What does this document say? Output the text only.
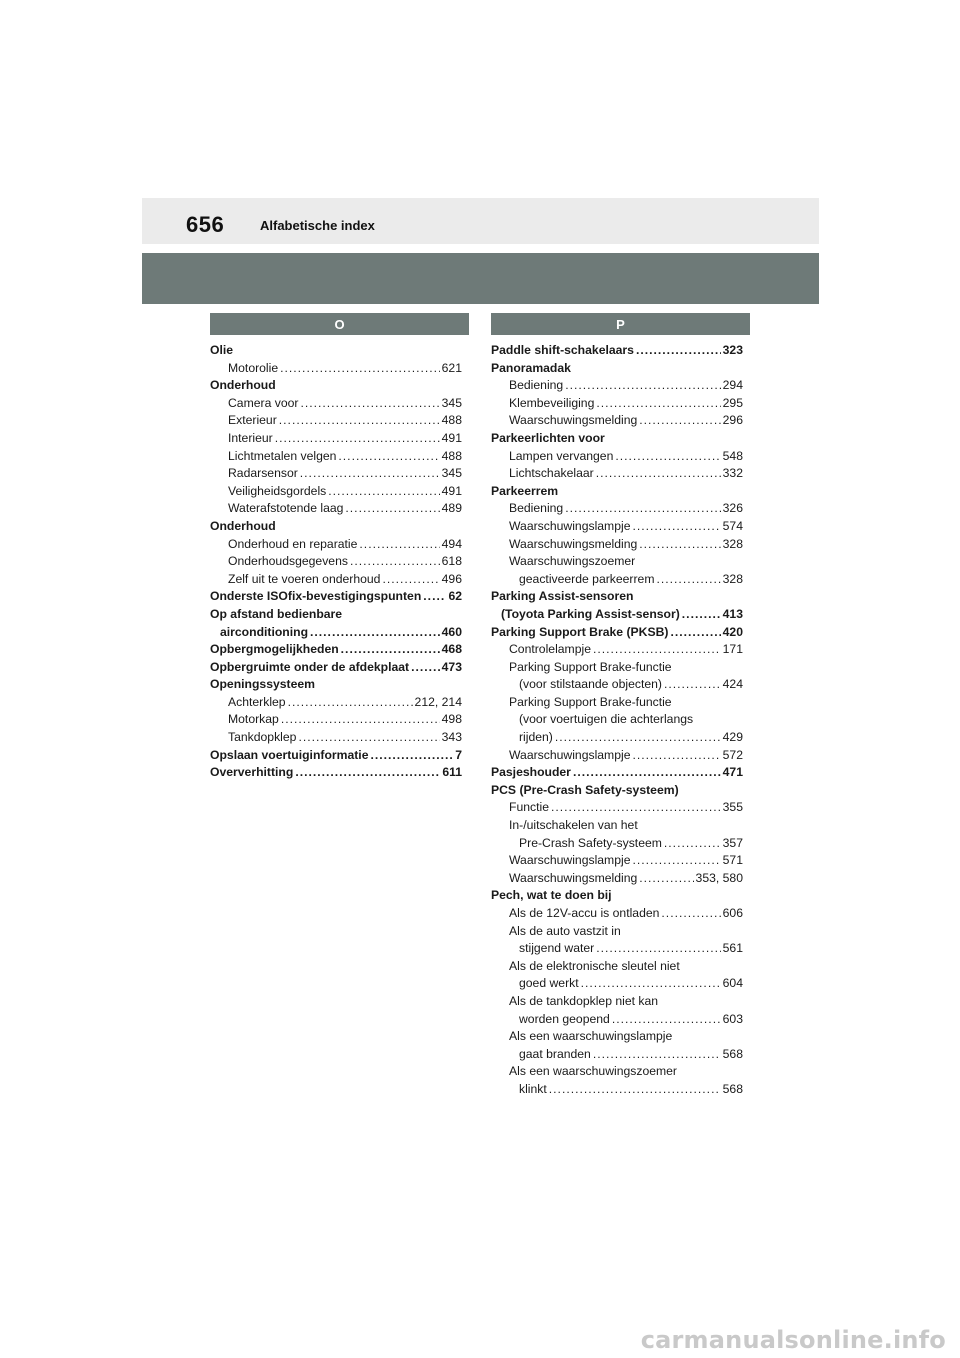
656	Alfabetische index
O	P
Olie
Motorolie .....	621
Onderhoud
Camera voor .....	345
Exterieur .....	488
Interieur .....	491
Lichtmetalen velgen .....	488
Radarsensor .....	345
Veiligheidsgordels .....	491
Waterafstotende laag .....	489
Onderhoud
Onderhoud en reparatie .....	494
Onderhoudsgegevens .....	618
Zelf uit te voeren onderhoud .....	496
Onderste ISOfix-bevestigingspunten ..... 62
Op afstand bedienbare
airconditioning .....	460
Opbergmogelijkheden .....	468
Opbergruimte onder de afdekplaat .....	473
Openingssysteem
Achterklep .....	212, 214
Motorkap .....	498
Tankdopklep .....	343
Opslaan voertuiginformatie .....	7
Oververhitting .....	611
Paddle shift-schakelaars .....	323
Panoramadak
Bediening .....	294
Klembeveiliging .....	295
Waarschuwingsmelding .....	296
Parkeerlichten voor
Lampen vervangen .....	548
Lichtschakelaar .....	332
Parkeerrem
Bediening .....	326
Waarschuwingslampje .....	574
Waarschuwingsmelding .....	328
Waarschuwingszoemer
geactiveerde parkeerrem .....	328
Parking Assist-sensoren
(Toyota Parking Assist-sensor) .....	413
Parking Support Brake (PKSB) .....	420
Controlelampje .....	171
Parking Support Brake-functie
(voor stilstaande objecten) .....	424
Parking Support Brake-functie
(voor voertuigen die achterlangs
rijden) .....	429
Waarschuwingslampje .....	572
Pasjeshouder .....	471
PCS (Pre-Crash Safety-systeem)
Functie .....	355
In-/uitschakelen van het
Pre-Crash Safety-systeem .....	357
Waarschuwingslampje .....	571
Waarschuwingsmelding .....	353, 580
Pech, wat te doen bij
Als de 12V-accu is ontladen .....	606
Als de auto vastzit in
stijgend water .....	561
Als de elektronische sleutel niet
goed werkt .....	604
Als de tankdopklep niet kan
worden geopend .....	603
Als een waarschuwingslampje
gaat branden .....	568
Als een waarschuwingszoemer
klinkt .....	568
carmanualsonline.info
